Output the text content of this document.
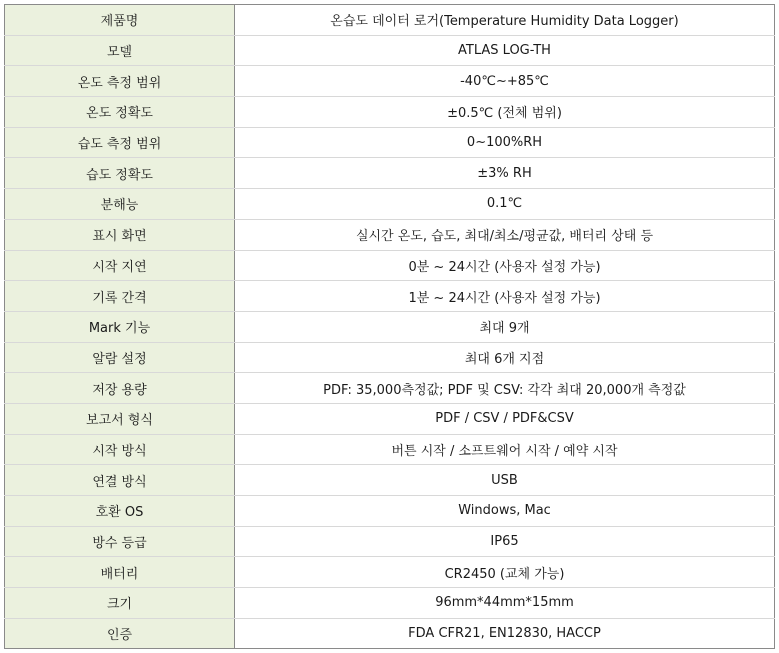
제품명	온습도 데이터 로거(Temperature Humidity Data Logger)
모델	ATLAS LOG-TH
온도 측정 범위	-40℃~+85℃
온도 정확도	±0.5℃ (전체 범위)
습도 측정 범위	0~100%RH
습도 정확도	±3% RH
분해능	0.1℃
표시 화면	실시간 온도, 습도, 최대/최소/평균값, 배터리 상태 등
시작 지연	0분 ~ 24시간 (사용자 설정 가능)
기록 간격	1분 ~ 24시간 (사용자 설정 가능)
Mark 기능	최대 9개
알람 설정	최대 6개 지점
저장 용량	PDF: 35,000측정값; PDF 및 CSV: 각각 최대 20,000개 측정값
보고서 형식	PDF / CSV / PDF&CSV
시작 방식	버튼 시작 / 소프트웨어 시작 / 예약 시작
연결 방식	USB
호환 OS	Windows, Mac
방수 등급	IP65
배터리	CR2450 (교체 가능)
크기	96mm*44mm*15mm
인증	FDA CFR21, EN12830, HACCP
